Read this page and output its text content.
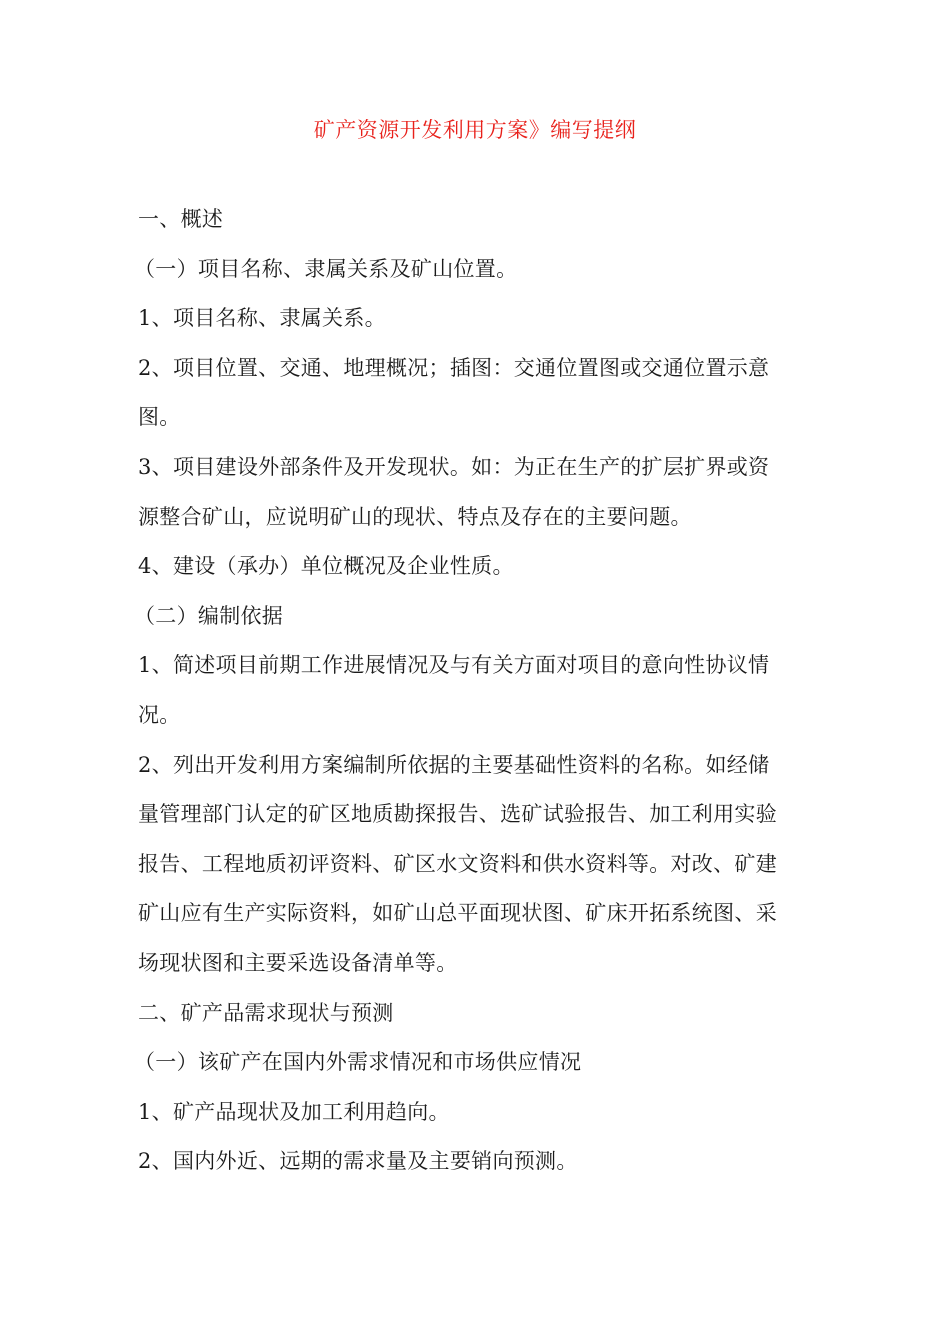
矿产资源开发利用方案》编写提纲
一、概述
（一）项目名称、隶属关系及矿山位置。
1、项目名称、隶属关系。
2、项目位置、交通、地理概况；插图：交通位置图或交通位置示意
图。
3、项目建设外部条件及开发现状。如：为正在生产的扩层扩界或资
源整合矿山，应说明矿山的现状、特点及存在的主要问题。
4、建设（承办）单位概况及企业性质。
（二）编制依据
1、简述项目前期工作进展情况及与有关方面对项目的意向性协议情
况。
2、列出开发利用方案编制所依据的主要基础性资料的名称。如经储
量管理部门认定的矿区地质勘探报告、选矿试验报告、加工利用实验
报告、工程地质初评资料、矿区水文资料和供水资料等。对改、矿建
矿山应有生产实际资料，如矿山总平面现状图、矿床开拓系统图、采
场现状图和主要采选设备清单等。
二、矿产品需求现状与预测
（一）该矿产在国内外需求情况和市场供应情况
1、矿产品现状及加工利用趋向。
2、国内外近、远期的需求量及主要销向预测。
